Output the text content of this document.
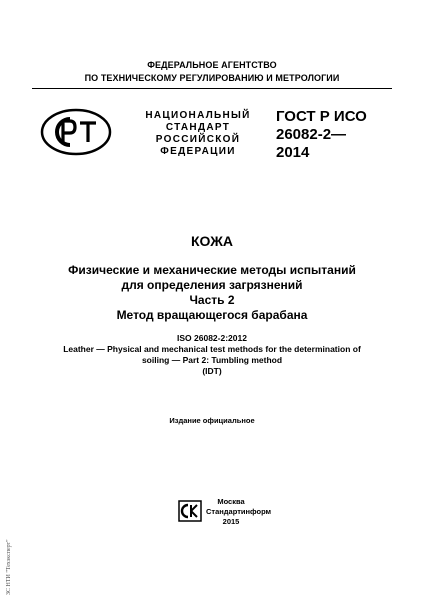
ФЕДЕРАЛЬНОЕ АГЕНТСТВО
ПО ТЕХНИЧЕСКОМУ РЕГУЛИРОВАНИЮ И МЕТРОЛОГИИ
НАЦИОНАЛЬНЫЙ
СТАНДАРТ
РОССИЙСКОЙ
ФЕДЕРАЦИИ
ГОСТ Р ИСО
26082-2—
2014
КОЖА
Физические и механические методы испытаний
для определения загрязнений
Часть 2
Метод вращающегося барабана
ISO 26082-2:2012
Leather — Physical and mechanical test methods for the determination of
soiling — Part 2: Tumbling method
(IDT)
Издание официальное
Москва
Стандартинформ
2015
ЗС НТИ "Техэксперт"
